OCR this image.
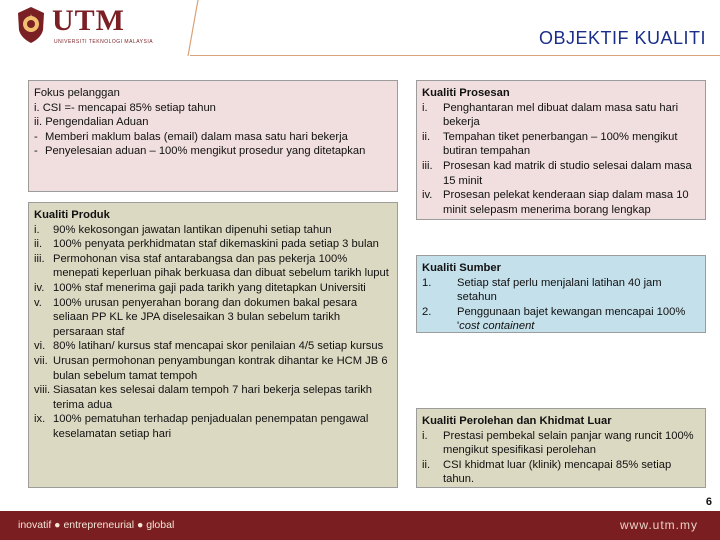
UTM
UNIVERSITI TEKNOLOGI MALAYSIA	OBJEKTIF KUALITI
Fokus pelanggan
i. CSI =- mencapai 85% setiap tahun
ii. Pengendalian Aduan
- Memberi maklum balas (email) dalam masa satu hari bekerja
- Penyelesaian aduan – 100% mengikut prosedur yang ditetapkan
Kualiti Produk
i.	90% kekosongan jawatan lantikan dipenuhi setiap tahun
ii. 100% penyata perkhidmatan staf dikemaskini pada setiap 3 bulan
iii. Permohonan visa staf antarabangsa dan pas pekerja 100% menepati keperluan pihak berkuasa dan dibuat sebelum tarikh luput
iv. 100% staf menerima gaji pada tarikh yang ditetapkan Universiti
v. 100% urusan penyerahan borang dan dokumen bakal pesara seliaan PP KL ke JPA diselesaikan 3 bulan sebelum tarikh persaraan staf
vi. 80% latihan/ kursus staf mencapai skor penilaian 4/5 setiap kursus
vii. Urusan permohonan penyambungan kontrak dihantar ke HCM JB 6 bulan sebelum tamat tempoh
viii. Siasatan kes selesai dalam tempoh 7 hari bekerja selepas tarikh terima adua
ix. 100% pematuhan terhadap penjadualan penempatan pengawal keselamatan setiap hari
Kualiti Prosesan
i.	Penghantaran mel dibuat dalam masa satu hari bekerja
ii.	Tempahan tiket penerbangan – 100% mengikut butiran tempahan
iii. Prosesan kad matrik di studio selesai dalam masa 15 minit
iv. Prosesan pelekat kenderaan siap dalam masa 10 minit selepasm menerima borang lengkap
Kualiti Sumber
1.	Setiap staf perlu menjalani latihan 40 jam setahun
2.	Penggunaan bajet kewangan mencapai 100% 'cost containent
Kualiti Perolehan dan Khidmat Luar
i.	Prestasi pembekal selain panjar wang runcit 100% mengikut spesifikasi perolehan
ii.	CSI khidmat luar (klinik) mencapai 85% setiap tahun.
6
inovatif ● entrepreneurial ● global	www.utm.my
